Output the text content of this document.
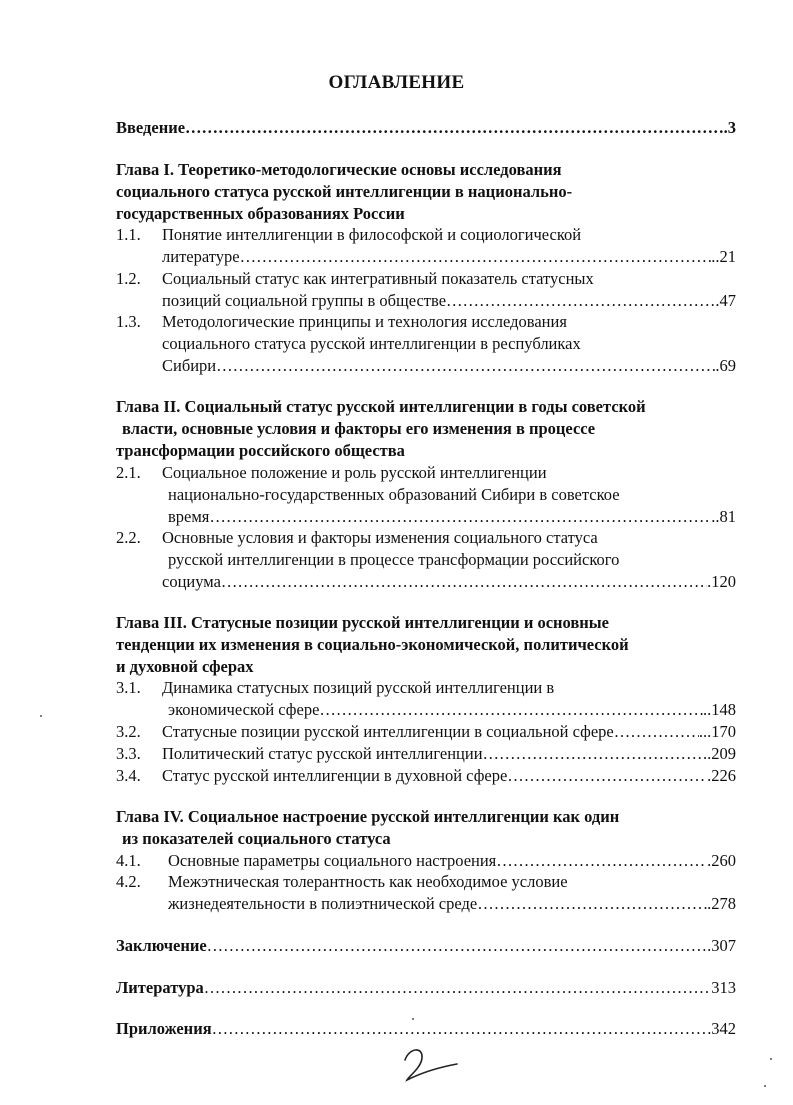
ОГЛАВЛЕНИЕ
Введение ……………………………………………………………………………………………………………………………………………………………………	.3
Глава I. Теоретико-методологические основы исследования
социального статуса русской интеллигенции в национально-
государственных образованиях России
1.1. Понятие интеллигенции в философской и социологической
литературе ……………………………………………………………………………………………………………………………………………………………………	..21
1.2. Социальный статус как интегративный показатель статусных
позиций социальной группы в обществе ……………………………………………………………………………………………………………………………………………………………………	.47
1.3. Методологические принципы и технология исследования
социального статуса русской интеллигенции в республиках
Сибири ……………………………………………………………………………………………………………………………………………………………………	.69
Глава II. Социальный статус русской интеллигенции в годы советской
власти, основные условия и факторы его изменения в процессе
трансформации российского общества
2.1. Социальное положение и роль русской интеллигенции
национально-государственных образований Сибири в советское
время ……………………………………………………………………………………………………………………………………………………………………	..81
2.2. Основные условия и факторы изменения социального статуса
русской интеллигенции в процессе трансформации российского
социума ……………………………………………………………………………………………………………………………………………………………………	.120
Глава III. Статусные позиции русской интеллигенции и основные
тенденции их изменения в социально-экономической, политической
и духовной сферах
3.1. Динамика статусных позиций русской интеллигенции в
экономической сфере ……………………………………………………………………………………………………………………………………………………………………	..148
3.2. Статусные позиции русской интеллигенции в социальной сфере ……………………………………………………………………………………………………………………………………………………………………	...170
3.3. Политический статус русской интеллигенции ……………………………………………………………………………………………………………………………………………………………………	..209
3.4. Статус русской интеллигенции в духовной сфере ……………………………………………………………………………………………………………………………………………………………………	.226
Глава IV. Социальное настроение русской интеллигенции как один
из показателей социального статуса
4.1. Основные параметры социального настроения ……………………………………………………………………………………………………………………………………………………………………	.260
4.2. Межэтническая толерантность как необходимое условие
жизнедеятельности в полиэтнической среде ……………………………………………………………………………………………………………………………………………………………………	.278
Заключение ……………………………………………………………………………………………………………………………………………………………………	.307
Литература ……………………………………………………………………………………………………………………………………………………………………	313
Приложения ……………………………………………………………………………………………………………………………………………………………………	342
